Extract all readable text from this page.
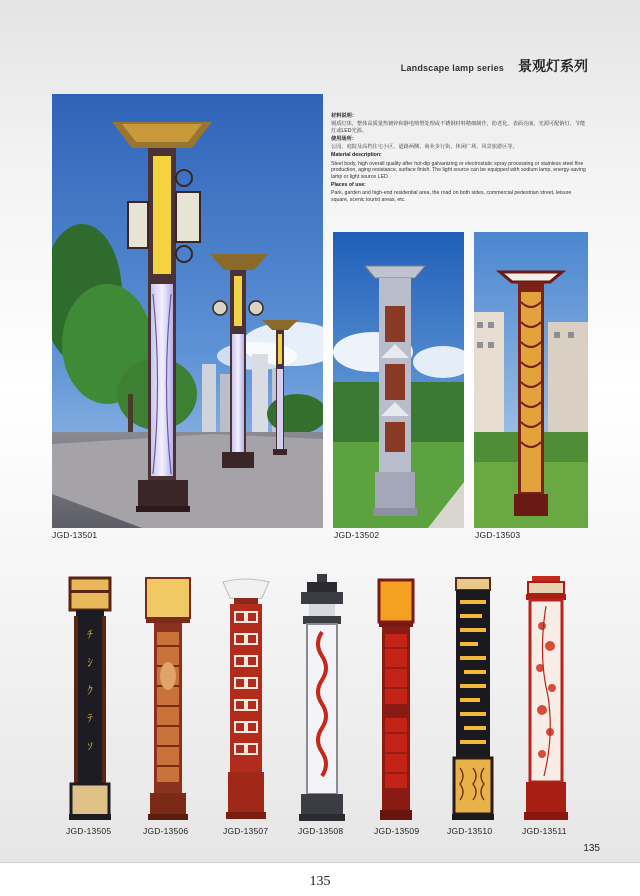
Landscape lamp series 景观灯系列
JGD-13501

材料说明：

钢质灯体，整体高质量热镀锌和静电喷塑处理或不锈钢材料精细制作，防老化，表面亮丽。光源可配钠灯、节能灯或LED光源。

使用场所：

公园、庭院及高档住宅小区、道路两侧、商业步行街、休闲广场、风景旅游区等。

Material description:

Steel body, high overall quality after hot-dip galvanizing or electrostatic spray processing or stainless steel fine production, aging resistance, surface finish. The light source can be equipped with sodium lamp, energy-saving lamp or light source LED

Places of use:

Park, garden and high-end residential area, the road on both sides, commercial pedestrian street, leisure square, scenic tourist areas, etc.

JGD-13502	JGD-13503
ﾁ
ｼ
ｸ
ﾃ
ｿ
JGD-13505	JGD-13506	JGD-13507	JGD-13508	JGD-13509	JGD-13510	JGD-13511
135
135
